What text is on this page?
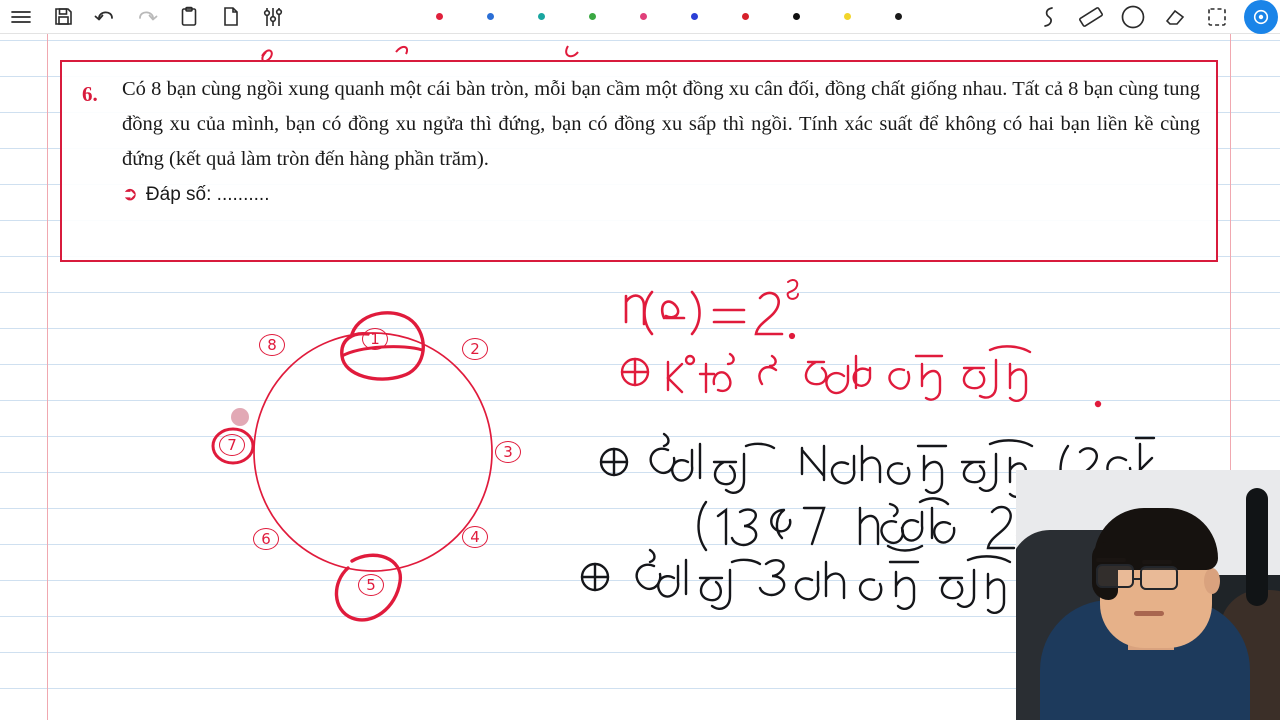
6. Có 8 bạn cùng ngồi xung quanh một cái bàn tròn, mỗi bạn cầm một đồng xu cân đối, đồng chất giống nhau. Tất cả 8 bạn cùng tung đồng xu của mình, bạn có đồng xu ngửa thì đứng, bạn có đồng xu sấp thì ngồi. Tính xác suất để không có hai bạn liền kề cùng đứng (kết quả làm tròn đến hàng phần trăm).
➲ Đáp số: ..........
1
2
3
4
5
6
7
8
